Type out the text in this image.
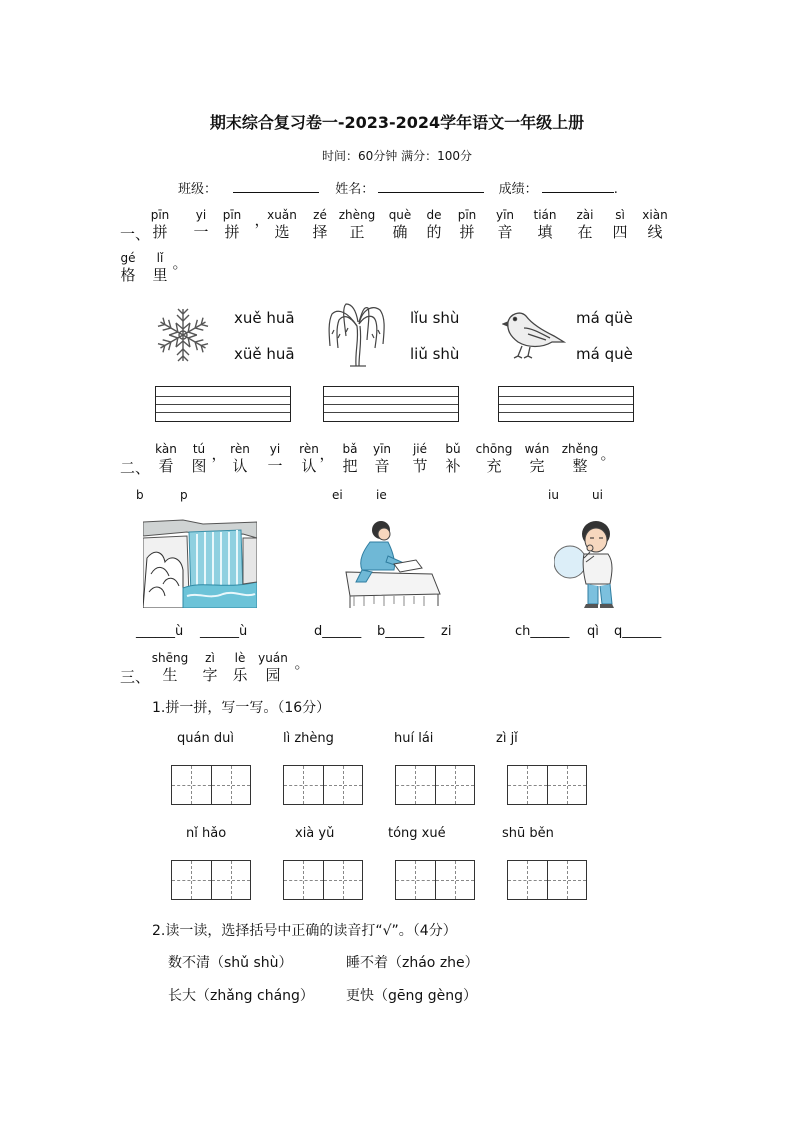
期末综合复习卷一-2023-2024学年语文一年级上册
时间：60分钟 满分：100分
班级：	姓名：	成绩：	.
一、
pīn
拼
yi
一
pīn
拼
，
xuǎn
选
zé
择
zhèng
正
què
确
de
的
pīn
拼
yīn
音
tián
填
zài
在
sì
四
xiàn
线
gé
格
lǐ
里
。
xuě huā
xüě huā
lǐu shù
liǔ shù
má qüè
má què
二、
kàn
看
tú
图
， rèn
认
yi
一
rèn
认
， bǎ
把
yīn
音
jié
节
bǔ
补
chōng
充
wán
完
zhěng
整
。
b	p	ei	ie	iu	ui
______ù ______ù	d______ b______ zi	ch______ qì q______
三、
shēng
生
zì
字
lè
乐
yuán
园
。
1.拼一拼，写一写。（16分）
quán duì	lì zhèng	huí lái	zì jǐ
nǐ hǎo	xià yǔ	tóng xué	shū běn
2.读一读，选择括号中正确的读音打“√”。（4分）
数不清（shǔ shù）	睡不着（zháo zhe）
长大（zhǎng cháng） 更快（gēng gèng）
